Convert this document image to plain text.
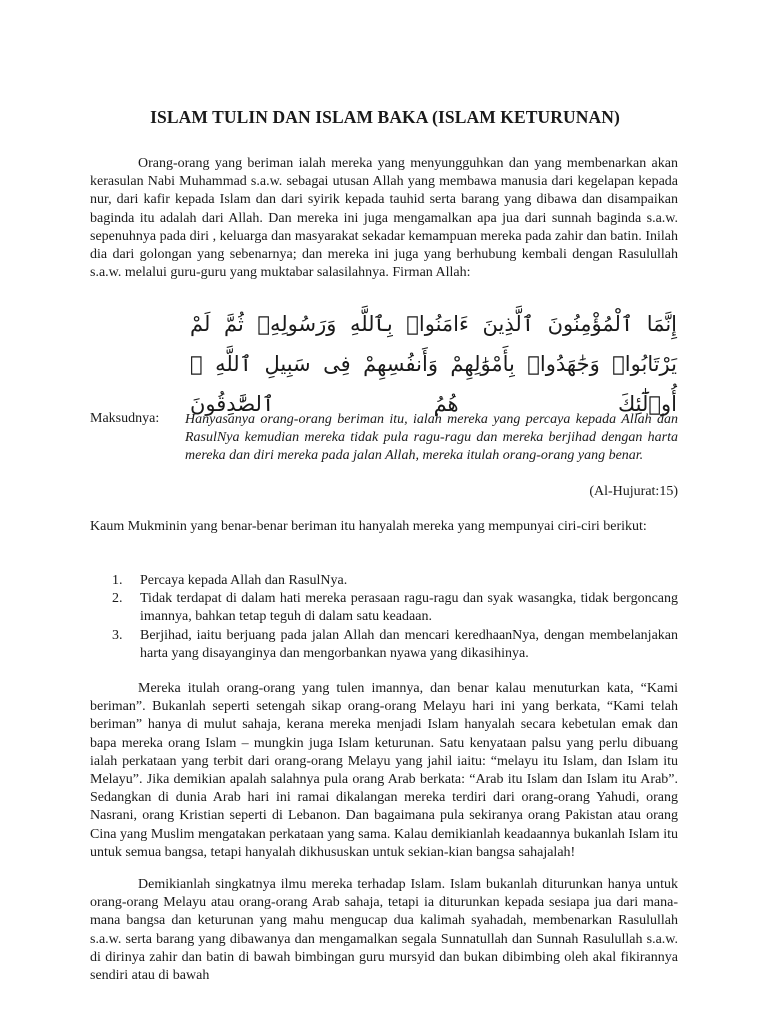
ISLAM TULIN DAN ISLAM BAKA (ISLAM KETURUNAN)

Orang-orang yang beriman ialah mereka yang menyungguhkan dan yang membenarkan akan kerasulan Nabi Muhammad s.a.w. sebagai utusan Allah yang membawa manusia dari kegelapan kepada nur, dari kafir kepada Islam dan dari syirik kepada tauhid serta barang yang dibawa dan disampaikan baginda itu adalah dari Allah. Dan mereka ini juga mengamalkan apa jua dari sunnah baginda s.a.w. sepenuhnya pada diri , keluarga dan masyarakat sekadar kemampuan mereka pada zahir dan batin. Inilah dia dari golongan yang sebenarnya; dan mereka ini juga yang berhubung kembali dengan Rasulullah s.a.w. melalui guru-guru yang muktabar salasilahnya. Firman Allah:

إِنَّمَا ٱلْمُؤْمِنُونَ ٱلَّذِينَ ءَامَنُوا۟ بِٱللَّهِ وَرَسُولِهِۦ ثُمَّ لَمْ يَرْتَابُوا۟ وَجَٰهَدُوا۟ بِأَمْوَٰلِهِمْ وَأَنفُسِهِمْ فِى سَبِيلِ ٱللَّهِ ۚ أُو۟لَٰٓئِكَ هُمُ ٱلصَّٰدِقُونَ

Maksudnya: Hanyasanya orang-orang beriman itu, ialah mereka yang percaya kepada Allah dan RasulNya kemudian mereka tidak pula ragu-ragu dan mereka berjihad dengan harta mereka dan diri mereka pada jalan Allah, mereka itulah orang-orang yang benar.

(Al-Hujurat:15)

Kaum Mukminin yang benar-benar beriman itu hanyalah mereka yang mempunyai ciri-ciri berikut:

1. Percaya kepada Allah dan RasulNya.
2. Tidak terdapat di dalam hati mereka perasaan ragu-ragu dan syak wasangka, tidak bergoncang imannya, bahkan tetap teguh di dalam satu keadaan.
3. Berjihad, iaitu berjuang pada jalan Allah dan mencari keredhaanNya, dengan membelanjakan harta yang disayanginya dan mengorbankan nyawa yang dikasihinya.

Mereka itulah orang-orang yang tulen imannya, dan benar kalau menuturkan kata, “Kami beriman”. Bukanlah seperti setengah sikap orang-orang Melayu hari ini yang berkata, “Kami telah beriman” hanya di mulut sahaja, kerana mereka menjadi Islam hanyalah secara kebetulan emak dan bapa mereka orang Islam – mungkin juga Islam keturunan. Satu kenyataan palsu yang perlu dibuang ialah perkataan yang terbit dari orang-orang Melayu yang jahil iaitu: “melayu itu Islam, dan Islam itu Melayu”. Jika demikian apalah salahnya pula orang Arab berkata: “Arab itu Islam dan Islam itu Arab”. Sedangkan di dunia Arab hari ini ramai dikalangan mereka terdiri dari orang-orang Yahudi, orang Nasrani, orang Kristian seperti di Lebanon. Dan bagaimana pula sekiranya orang Pakistan atau orang Cina yang Muslim mengatakan perkataan yang sama. Kalau demikianlah keadaannya bukanlah Islam itu untuk semua bangsa, tetapi hanyalah dikhususkan untuk sekian-kian bangsa sahajalah!

Demikianlah singkatnya ilmu mereka terhadap Islam. Islam bukanlah diturunkan hanya untuk orang-orang Melayu atau orang-orang Arab sahaja, tetapi ia diturunkan kepada sesiapa jua dari mana-mana bangsa dan keturunan yang mahu mengucap dua kalimah syahadah, membenarkan Rasulullah s.a.w. serta barang yang dibawanya dan mengamalkan segala Sunnatullah dan Sunnah Rasulullah s.a.w. di dirinya zahir dan batin di bawah bimbingan guru mursyid dan bukan dibimbing oleh akal fikirannya sendiri atau di bawah
